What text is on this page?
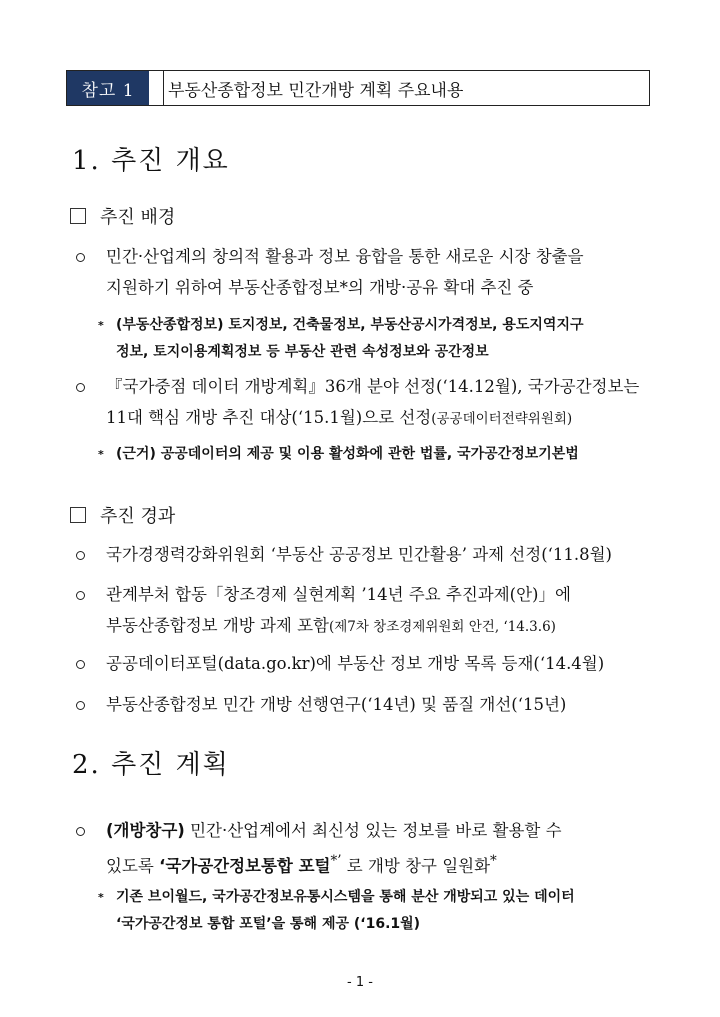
참고 1	부동산종합정보 민간개방 계획 주요내용
1. 추진 개요
추진 배경
민간·산업계의 창의적 활용과 정보 융합을 통한 새로운 시장 창출을
지원하기 위하여 부동산종합정보*의 개방·공유 확대 추진 중
* (부동산종합정보) 토지정보, 건축물정보, 부동산공시가격정보, 용도지역지구
정보, 토지이용계획정보 등 부동산 관련 속성정보와 공간정보
『국가중점 데이터 개방계획』36개 분야 선정(‘14.12월), 국가공간정보는
11대 핵심 개방 추진 대상(‘15.1월)으로 선정(공공데이터전략위원회)
* (근거) 공공데이터의 제공 및 이용 활성화에 관한 법률, 국가공간정보기본법
추진 경과
국가경쟁력강화위원회 ‘부동산 공공정보 민간활용’ 과제 선정(‘11.8월)
관계부처 합동「창조경제 실현계획 ’14년 주요 추진과제(안)」에
부동산종합정보 개방 과제 포함(제7차 창조경제위원회 안건, ‘14.3.6)
공공데이터포털(data.go.kr)에 부동산 정보 개방 목록 등재(‘14.4월)
부동산종합정보 민간 개방 선행연구(‘14년) 및 품질 개선(‘15년)
2. 추진 계획
(개방창구) 민간·산업계에서 최신성 있는 정보를 바로 활용할 수
있도록 ‘국가공간정보통합 포털*’ 로 개방 창구 일원화*
* 기존 브이월드, 국가공간정보유통시스템을 통해 분산 개방되고 있는 데이터
‘국가공간정보 통합 포털’을 통해 제공 (‘16.1월)
- 1 -
